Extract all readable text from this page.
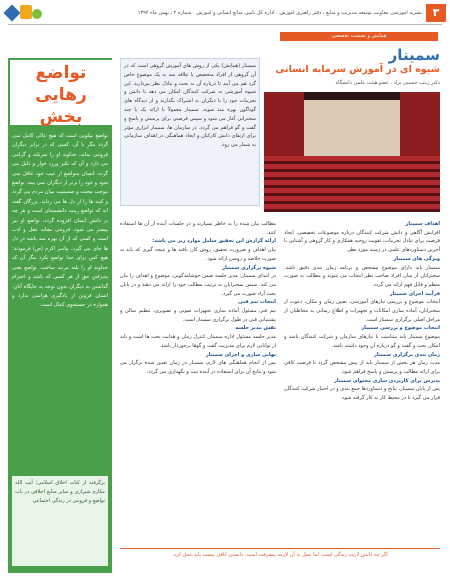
نشریه آموزشی معاونت توسعه مدیریت و منابع ـ دفتر راهبری آموزش . اداره کل تامین منابع انسانی و آموزش . شماره ۲ ـ بهمن ماه ۱۳۹۴ ۳
تواضع رهایی بخش
تواضع نیکویی است که هیچ عالی کامل نمی گردد مگر با آن. کسی که در برابر دیگران فروتنی نماید، خداوند او را سربلند و گرامی می دارد و آن که تکبر ورزد خوار و ذلیل می گردد. انسان متواضع از عیب خود غافل نمی شود و خود را برتر از دیگران نمی بیند. تواضع موجب محبت و صمیمیت میان مردم می گردد و کینه ها را از دل ها می زداید. بزرگان گفته اند که تواضع زینت دانشمندان است و هر چه بر دانش انسان افزوده گردد، تواضع او نیز بیشتر می شود. فروتنی نشانه عقل و ادب است و کسی که از آن بهره مند باشد در دل ها جای می گیرد. پیامبر اکرم (ص) فرمودند: هیچ کس برای خدا تواضع نکرد مگر آن که خداوند او را بلند مرتبه ساخت. تواضع یعنی پذیرفتن حق از هر کسی که باشد و احترام گذاشتن به دیگران بدون توجه به جایگاه آنان. انسان فروتن از یادگیری هراسی ندارد و همواره در جستجوی کمال است.
برگرفته از کتاب اخلاق اسلامی؛ آیت الله مکارم شیرازی و سایر منابع اخلاقی در باب تواضع و فروتنی در زندگی اجتماعی
همایش و نشست تخصصی
سمینار
شیوه ای در آموزش سرمایه انسانی
دکتر زینب حسینی نژاد . عضو هیئت علمی دانشگاه
سمینار (همایش) یکی از روش های آموزش گروهی است که در آن گروهی از افراد متخصص یا علاقه مند به یک موضوع خاص گرد هم می آیند تا درباره آن به بحث و تبادل نظر بپردازند. این شیوه آموزشی به شرکت کنندگان امکان می دهد تا دانش و تجربیات خود را با دیگران به اشتراک بگذارند و از دیدگاه های گوناگون بهره مند شوند. سمینار معمولاً با ارائه یک یا چند سخنرانی آغاز می شود و سپس فرصتی برای پرسش و پاسخ و گفت و گو فراهم می گردد. در سازمان ها، سمینار ابزاری مؤثر برای ارتقای دانش کارکنان و ایجاد هماهنگی در اهداف سازمانی به شمار می رود.
اهداف سمینار
افزایش آگاهی و دانش شرکت کنندگان درباره موضوعات تخصصی، ایجاد فرصت برای تبادل تجربیات، تقویت روحیه همکاری و کار گروهی و آشنایی با آخرین دستاوردهای علمی در زمینه مورد نظر.
ویژگی های سمینار
سمینار باید دارای موضوع مشخص و برنامه زمان بندی دقیق باشد. سخنرانان از میان افراد صاحب نظر انتخاب می شوند و مطالب به صورت منظم و قابل فهم ارائه می گردد.
فرآیند اجرای سمینار
انتخاب موضوع و بررسی نیازهای آموزشی، تعیین زمان و مکان، دعوت از سخنرانان، آماده سازی امکانات و تجهیزات و اطلاع رسانی به مخاطبان از مراحل اصلی برگزاری سمینار است.
انتخاب موضوع و بررسی سمینار
موضوع سمینار باید متناسب با نیازهای سازمان و شرکت کنندگان باشد و امکان بحث و گفت و گو درباره آن وجود داشته باشد.
زمان بندی برگزاری سمینار
مدت زمان هر بخش از سمینار باید از پیش مشخص گردد تا فرصت کافی برای ارائه مطالب و پرسش و پاسخ فراهم شود.
پذیرش برای کاربردی سازی محتوای سمینار
پس از پایان سمینار، نتایج و دستاوردها جمع بندی و در اختیار شرکت کنندگان قرار می گیرد تا در محیط کار به کار گرفته شود.
مطالب بیان شده را به خاطر بسپارند و در جلسات آینده از آن ها استفاده کنند.
ارائه گزارش این تحقیق شامل موارد زیر می باشد:
بیان اهداف و ضرورت تحقیق، روش کار، یافته ها و نتیجه گیری که باید به صورت خلاصه و روشن ارائه شود.
شیوه برگزاری سمینار
در ابتدای سمینار، مدیر جلسه ضمن خوشامدگویی، موضوع و اهداف را بیان می کند. سپس سخنرانان به ترتیب مطالب خود را ارائه می دهند و در پایان بحث آزاد صورت می گیرد.
انتخاب تیم فنی
تیم فنی مسئول آماده سازی تجهیزات صوتی و تصویری، تنظیم سالن و پشتیبانی فنی در طول برگزاری سمینار است.
نقش مدیر جلسه
مدیر جلسه مسئول اداره سمینار، کنترل زمان و هدایت بحث ها است و باید از توانایی لازم برای مدیریت گفت و گوها برخوردار باشد.
نهایی سازی و اجرای سمینار
پس از انجام هماهنگی های لازم، سمینار در زمان تعیین شده برگزار می شود و نتایج آن برای استفاده در آینده ثبت و نگهداری می گردد.
اگر چه دانش لازمه زندگی است، اما عمل به آن لازمه پیشرفت است. دانستن کافی نیست باید عمل کرد.
